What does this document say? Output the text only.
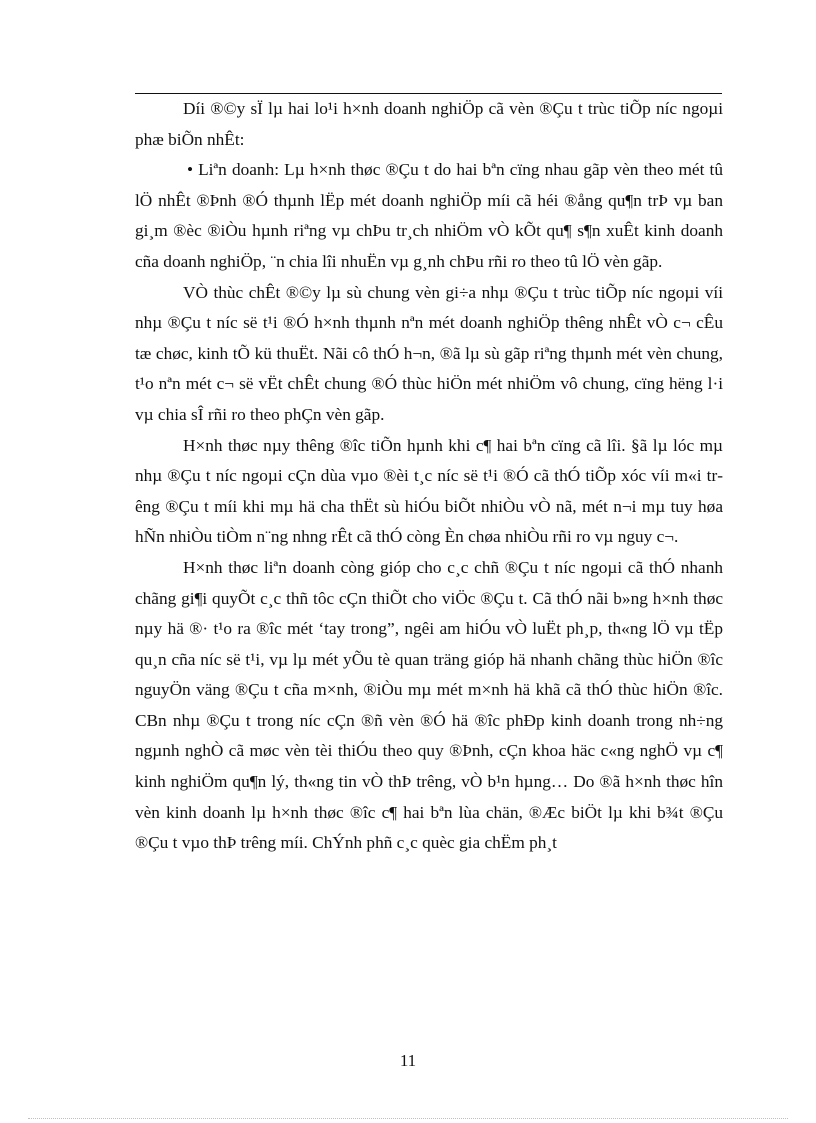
Díi ®©y sÏ lµ hai lo¹i h×nh doanh nghiÖp cã vèn ®Çu t trùc tiÕp níc ngoµi phæ biÕn nhÊt:

• Liªn doanh: Lµ h×nh thøc ®Çu t do hai bªn cïng nhau gãp vèn theo mét tû lÖ nhÊt ®Þnh ®Ó thµnh lËp mét doanh nghiÖp míi cã héi ®ång qu¶n trÞ vµ ban gi¸m ®èc ®iÒu hµnh riªng vµ chÞu tr¸ch nhiÖm vÒ kÕt qu¶ s¶n xuÊt kinh doanh cña doanh nghiÖp, ¨n chia lîi nhuËn vµ g¸nh chÞu rñi ro theo tû lÖ vèn gãp.

VÒ thùc chÊt ®©y lµ sù chung vèn gi÷a nhµ ®Çu t trùc tiÕp níc ngoµi víi nhµ ®Çu t níc së t¹i ®Ó h×nh thµnh nªn mét doanh nghiÖp thêng nhÊt vÒ c¬ cÊu tæ chøc, kinh tÕ kü thuËt. Nãi cô thÓ h¬n, ®ã lµ sù gãp riªng thµnh mét vèn chung, t¹o nªn mét c¬ së vËt chÊt chung ®Ó thùc hiÖn mét nhiÖm vô chung, cïng hëng l·i vµ chia sÎ rñi ro theo phÇn vèn gãp.

H×nh thøc nµy thêng ®îc tiÕn hµnh khi c¶ hai bªn cïng cã lîi. §ã lµ lóc mµ nhµ ®Çu t níc ngoµi cÇn dùa vµo ®èi t¸c níc së t¹i ®Ó cã thÓ tiÕp xóc víi m«i trêng ®Çu t míi khi mµ hä cha thËt sù hiÓu biÕt nhiÒu vÒ nã, mét n¬i mµ tuy høa hÑn nhiÒu tiÒm n¨ng nhng rÊt cã thÓ còng Èn chøa nhiÒu rñi ro vµ nguy c¬.

H×nh thøc liªn doanh còng gióp cho c¸c chñ ®Çu t níc ngoµi cã thÓ nhanh chãng gi¶i quyÕt c¸c thñ tôc cÇn thiÕt cho viÖc ®Çu t. Cã thÓ nãi b»ng h×nh thøc nµy hä ®· t¹o ra ®îc mét ‘tay trong”, ngêi am hiÓu vÒ luËt ph¸p, th«ng lÖ vµ tËp qu¸n cña níc së t¹i, vµ lµ mét yÕu tè quan träng gióp hä nhanh chãng thùc hiÖn ®îc nguyÖn väng ®Çu t cña m×nh, ®iÒu mµ mét m×nh hä khã cã thÓ thùc hiÖn ®îc. CBn nhµ ®Çu t trong níc cÇn ®ñ vèn ®Ó hä ®îc phÐp kinh doanh trong nh÷ng ngµnh nghÒ cã møc vèn tèi thiÓu theo quy ®Þnh, cÇn khoa häc c«ng nghÖ vµ c¶ kinh nghiÖm qu¶n lý, th«ng tin vÒ thÞ trêng, vÒ b¹n hµng… Do ®ã h×nh thøc hîn vèn kinh doanh lµ h×nh thøc ®îc c¶ hai bªn lùa chän, ®Æc biÖt lµ khi b¾t ®Çu ®Çu t vµo thÞ trêng míi. ChÝnh phñ c¸c quèc gia chËm ph¸t

11
